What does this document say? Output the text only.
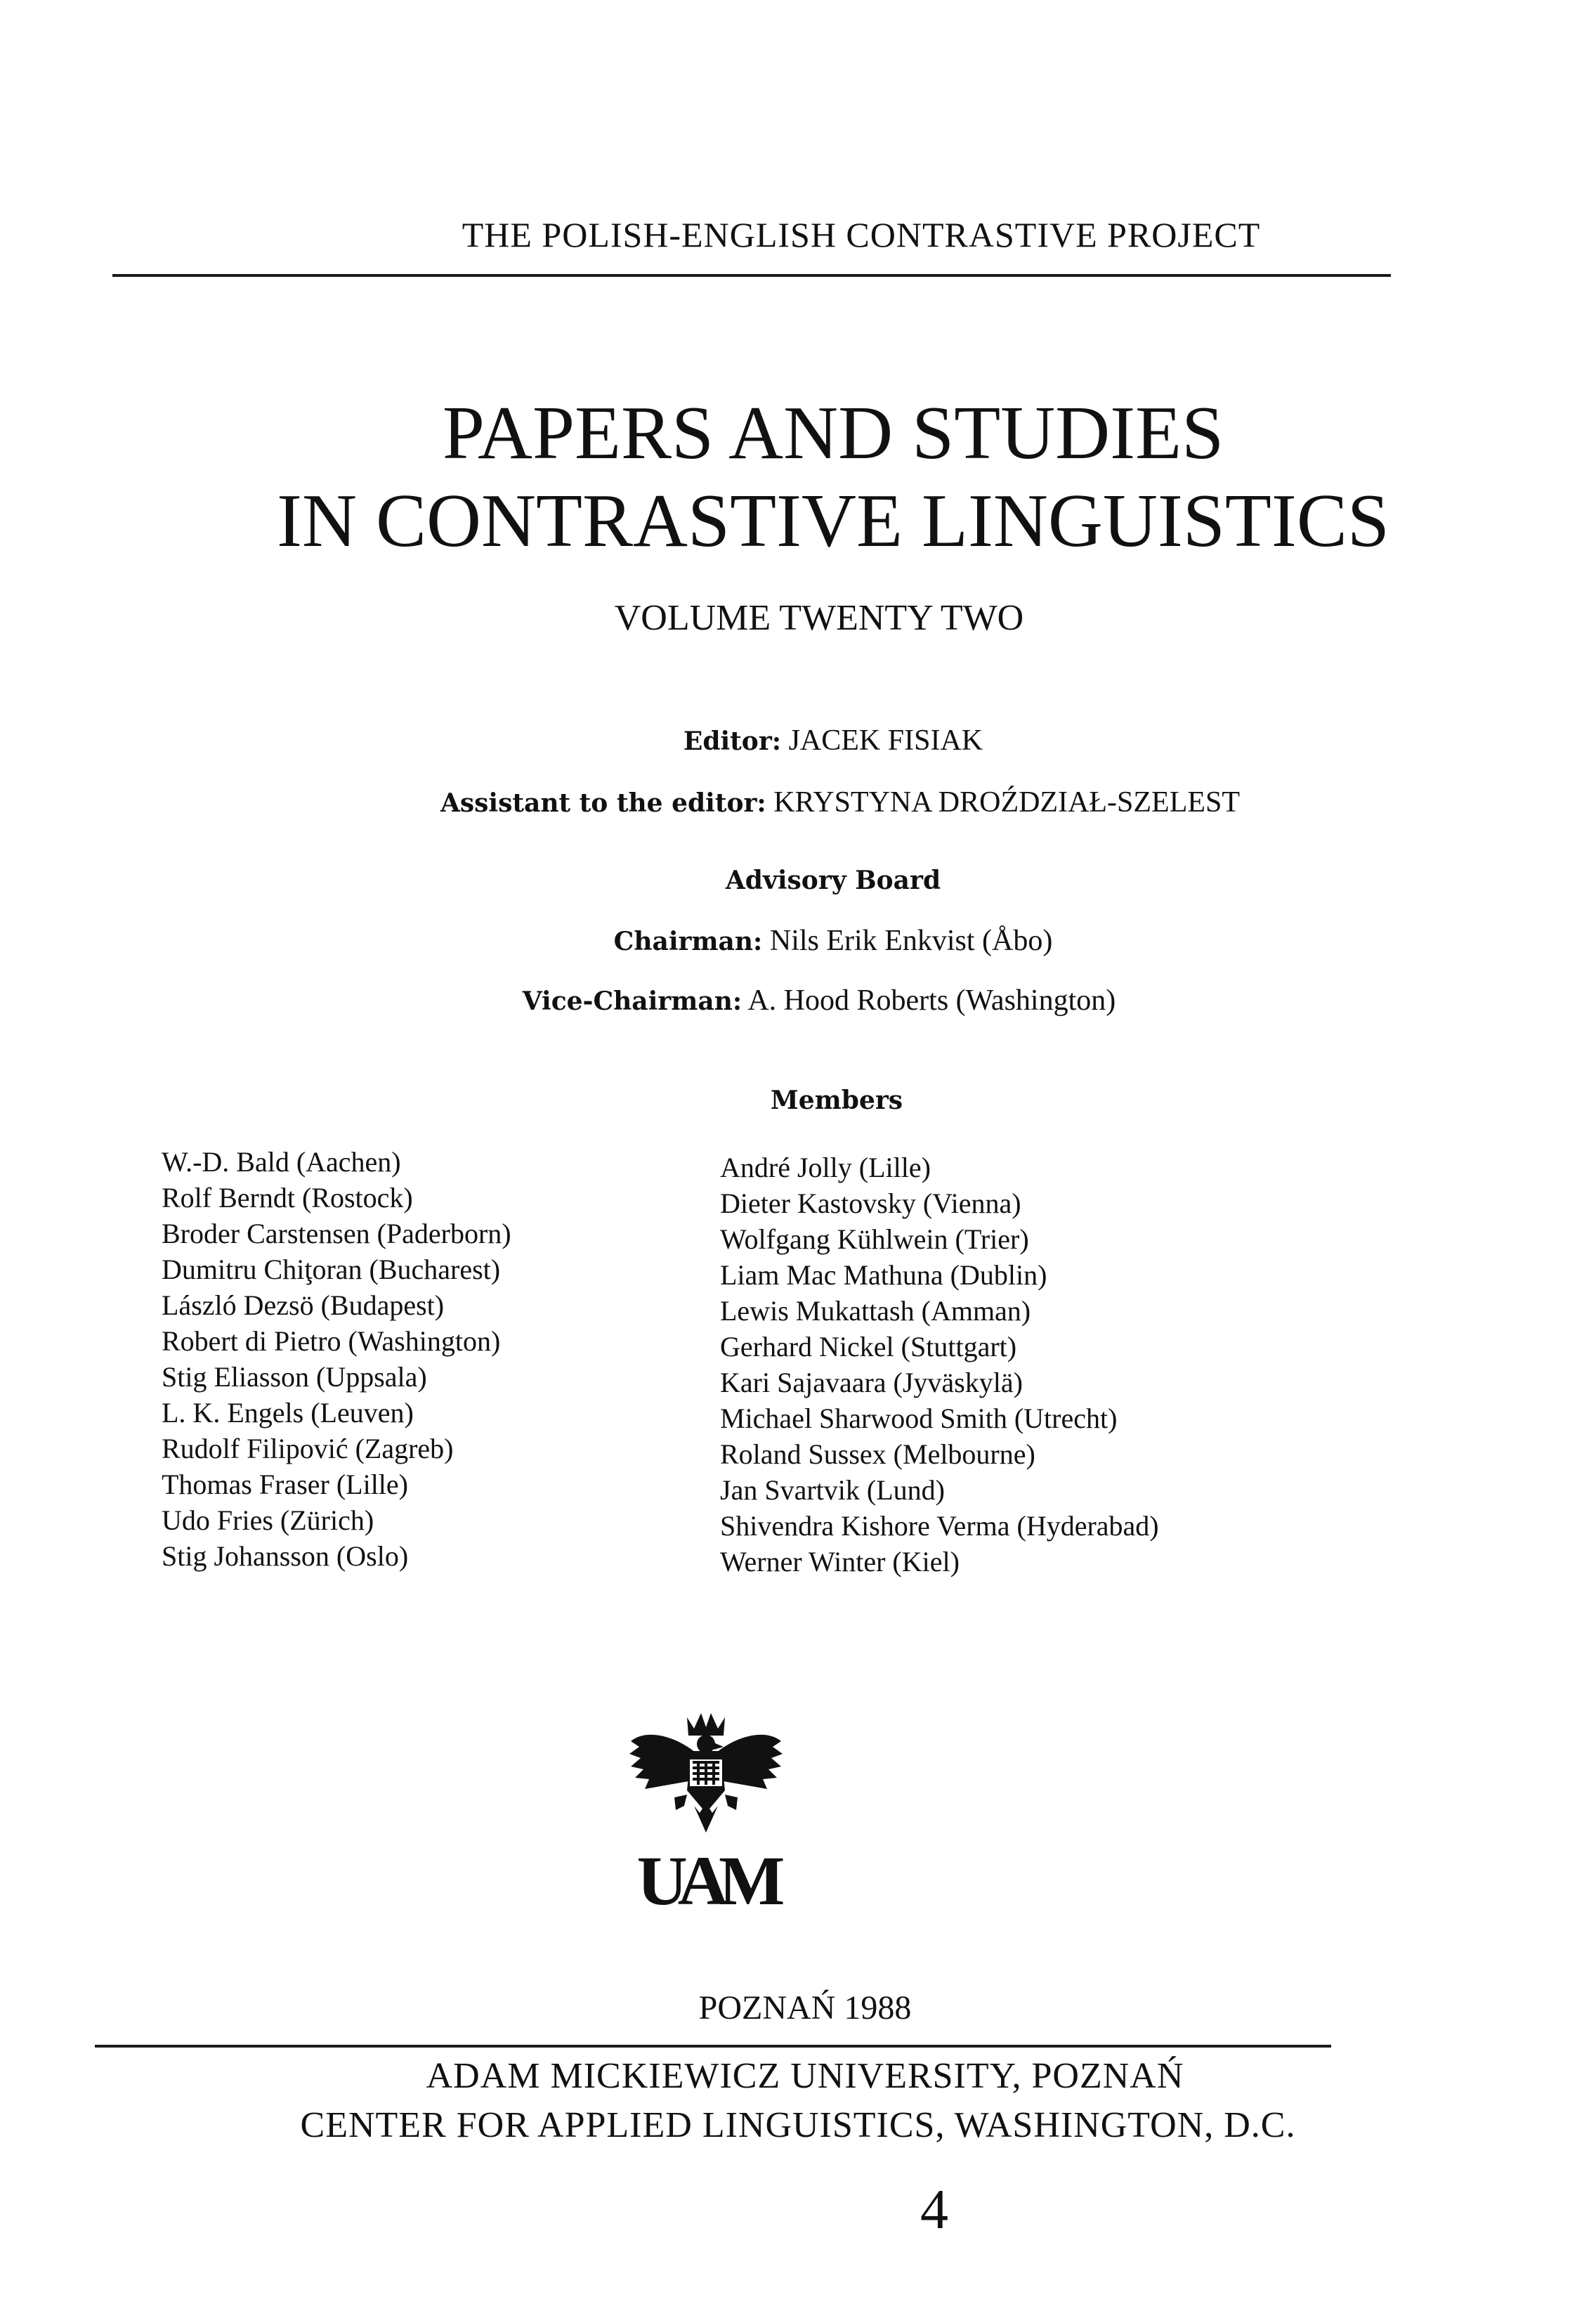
THE POLISH-ENGLISH CONTRASTIVE PROJECT
PAPERS AND STUDIES
IN CONTRASTIVE LINGUISTICS
VOLUME TWENTY TWO
Editor: JACEK FISIAK
Assistant to the editor: KRYSTYNA DROŹDZIAŁ-SZELEST
Advisory Board
Chairman: Nils Erik Enkvist (Åbo)
Vice-Chairman: A. Hood Roberts (Washington)
Members
W.-D. Bald (Aachen)
Rolf Berndt (Rostock)
Broder Carstensen (Paderborn)
Dumitru Chiţoran (Bucharest)
László Dezsö (Budapest)
Robert di Pietro (Washington)
Stig Eliasson (Uppsala)
L. K. Engels (Leuven)
Rudolf Filipović (Zagreb)
Thomas Fraser (Lille)
Udo Fries (Zürich)
Stig Johansson (Oslo)
André Jolly (Lille)
Dieter Kastovsky (Vienna)
Wolfgang Kühlwein (Trier)
Liam Mac Mathuna (Dublin)
Lewis Mukattash (Amman)
Gerhard Nickel (Stuttgart)
Kari Sajavaara (Jyväskylä)
Michael Sharwood Smith (Utrecht)
Roland Sussex (Melbourne)
Jan Svartvik (Lund)
Shivendra Kishore Verma (Hyderabad)
Werner Winter (Kiel)
UAM
POZNAŃ 1988
ADAM MICKIEWICZ UNIVERSITY, POZNAŃ
CENTER FOR APPLIED LINGUISTICS, WASHINGTON, D.C.
4
